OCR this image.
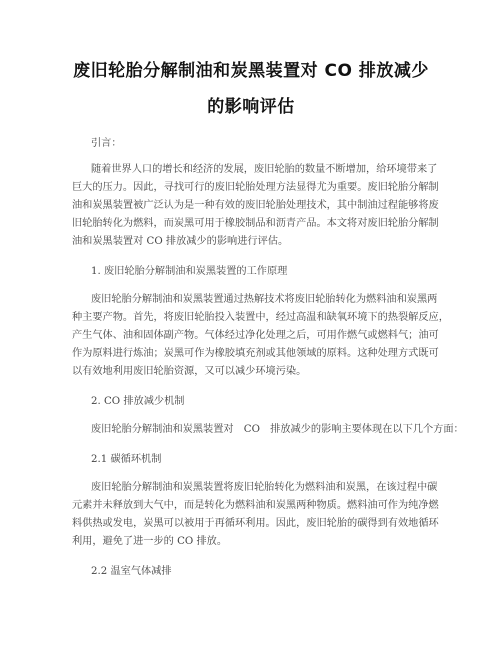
废旧轮胎分解制油和炭黑装置对 CO 排放减少
的影响评估
引言：
随着世界人口的增长和经济的发展，废旧轮胎的数量不断增加，给环境带来了
巨大的压力。因此，寻找可行的废旧轮胎处理方法显得尤为重要。废旧轮胎分解制
油和炭黑装置被广泛认为是一种有效的废旧轮胎处理技术，其中制油过程能够将废
旧轮胎转化为燃料，而炭黑可用于橡胶制品和沥青产品。本文将对废旧轮胎分解制
油和炭黑装置对 CO 排放减少的影响进行评估。
1. 废旧轮胎分解制油和炭黑装置的工作原理
废旧轮胎分解制油和炭黑装置通过热解技术将废旧轮胎转化为燃料油和炭黑两
种主要产物。首先，将废旧轮胎投入装置中，经过高温和缺氧环境下的热裂解反应，
产生气体、油和固体副产物。气体经过净化处理之后，可用作燃气或燃料气；油可
作为原料进行炼油；炭黑可作为橡胶填充剂或其他领域的原料。这种处理方式既可
以有效地利用废旧轮胎资源，又可以减少环境污染。
2. CO 排放减少机制
废旧轮胎分解制油和炭黑装置对　CO　排放减少的影响主要体现在以下几个方面：
2.1 碳循环机制
废旧轮胎分解制油和炭黑装置将废旧轮胎转化为燃料油和炭黑，在该过程中碳
元素并未释放到大气中，而是转化为燃料油和炭黑两种物质。燃料油可作为纯净燃
料供热或发电，炭黑可以被用于再循环利用。因此，废旧轮胎的碳得到有效地循环
利用，避免了进一步的 CO 排放。
2.2 温室气体减排
